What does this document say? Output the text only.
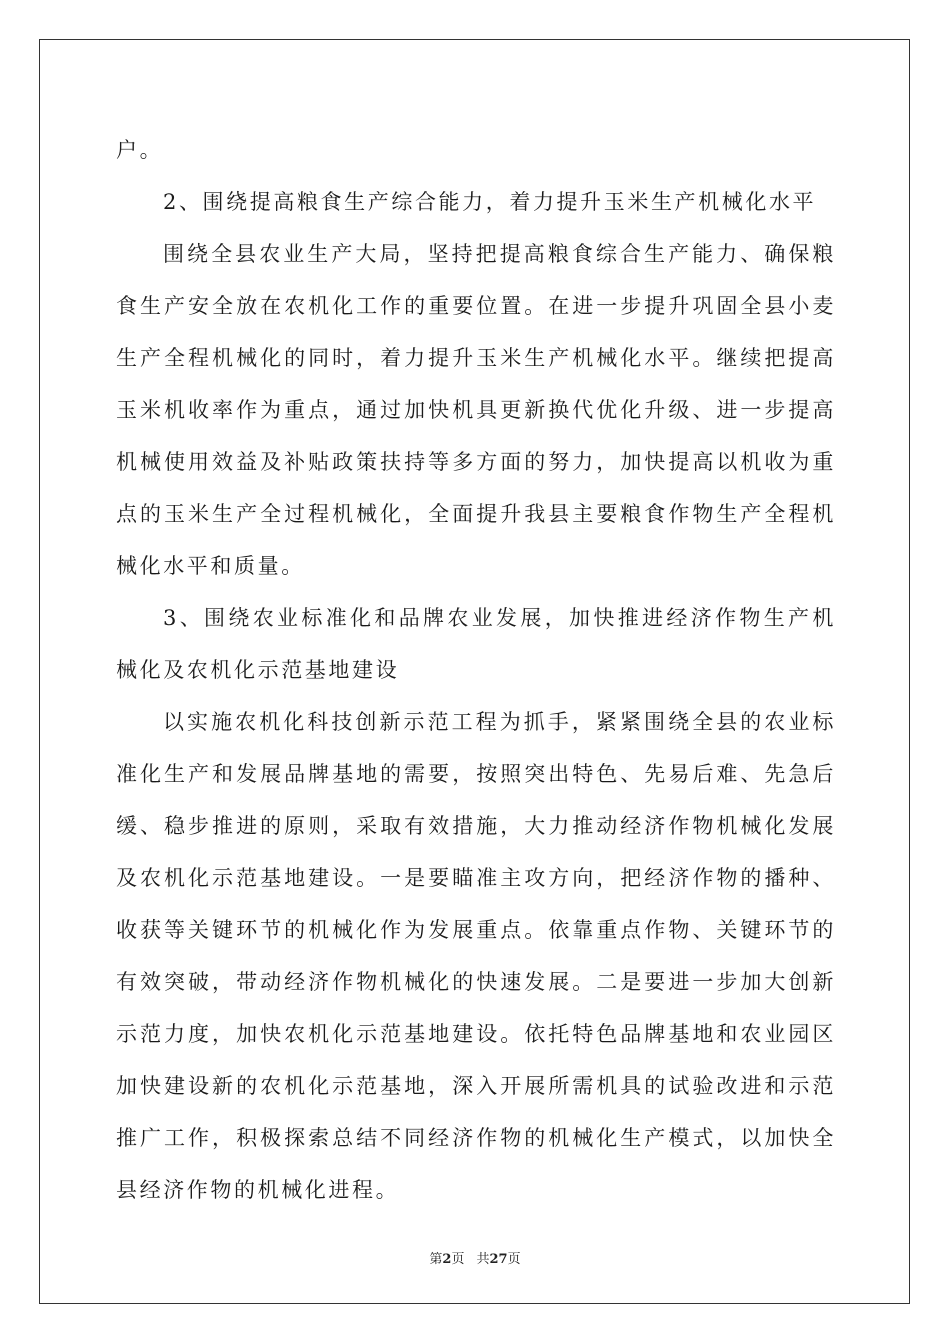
户。

2、围绕提高粮食生产综合能力，着力提升玉米生产机械化水平

围绕全县农业生产大局，坚持把提高粮食综合生产能力、确保粮食生产安全放在农机化工作的重要位置。在进一步提升巩固全县小麦生产全程机械化的同时，着力提升玉米生产机械化水平。继续把提高玉米机收率作为重点，通过加快机具更新换代优化升级、进一步提高机械使用效益及补贴政策扶持等多方面的努力，加快提高以机收为重点的玉米生产全过程机械化，全面提升我县主要粮食作物生产全程机械化水平和质量。

3、围绕农业标准化和品牌农业发展，加快推进经济作物生产机械化及农机化示范基地建设

以实施农机化科技创新示范工程为抓手，紧紧围绕全县的农业标准化生产和发展品牌基地的需要，按照突出特色、先易后难、先急后缓、稳步推进的原则，采取有效措施，大力推动经济作物机械化发展及农机化示范基地建设。一是要瞄准主攻方向，把经济作物的播种、收获等关键环节的机械化作为发展重点。依靠重点作物、关键环节的有效突破，带动经济作物机械化的快速发展。二是要进一步加大创新示范力度，加快农机化示范基地建设。依托特色品牌基地和农业园区加快建设新的农机化示范基地，深入开展所需机具的试验改进和示范推广工作，积极探索总结不同经济作物的机械化生产模式，以加快全县经济作物的机械化进程。

第2页 共27页
